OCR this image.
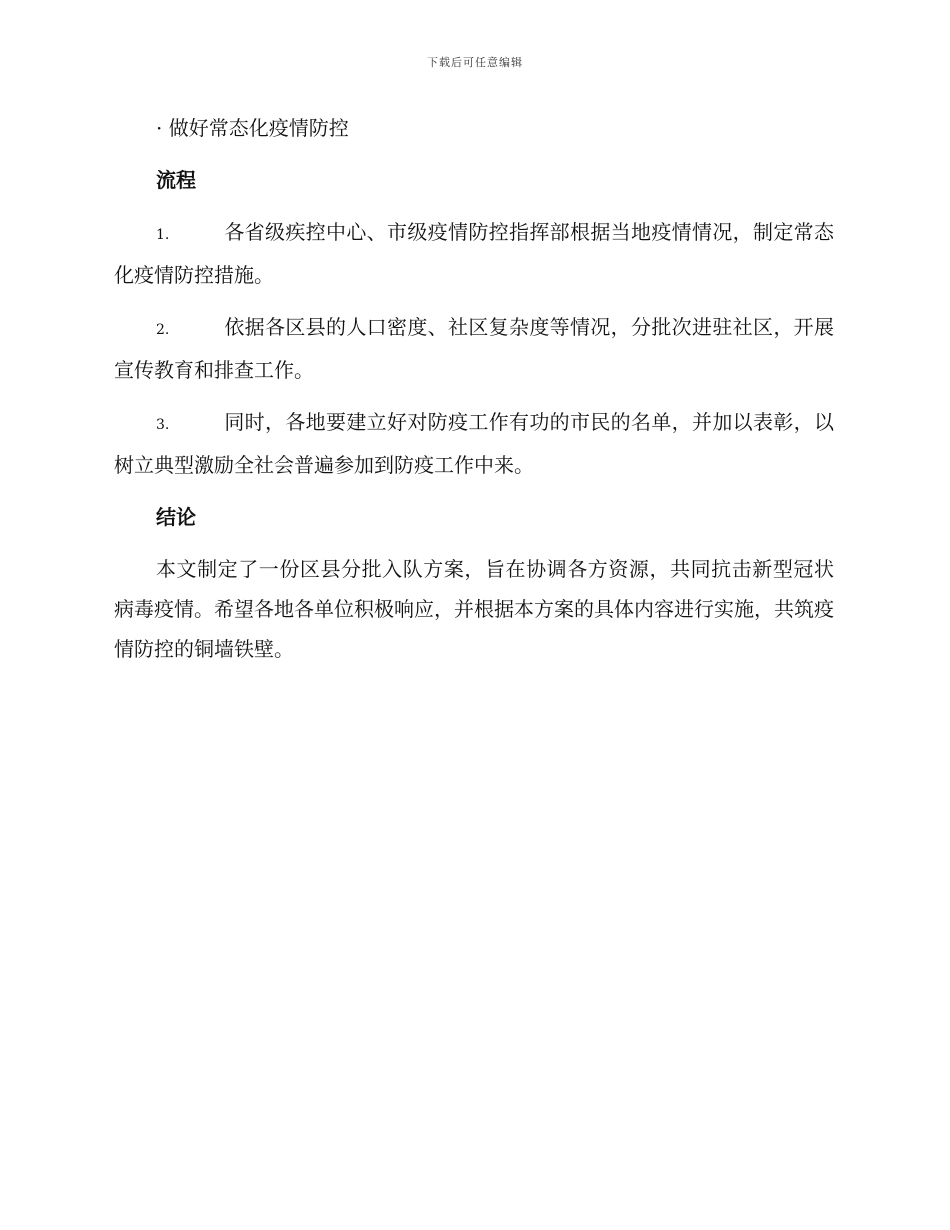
下载后可任意编辑

· 做好常态化疫情防控

流程

1.	各省级疾控中心、市级疫情防控指挥部根据当地疫情情况，制定常态化疫情防控措施。

2.	依据各区县的人口密度、社区复杂度等情况，分批次进驻社区，开展宣传教育和排查工作。

3.	同时，各地要建立好对防疫工作有功的市民的名单，并加以表彰，以树立典型激励全社会普遍参加到防疫工作中来。

结论

本文制定了一份区县分批入队方案，旨在协调各方资源，共同抗击新型冠状病毒疫情。希望各地各单位积极响应，并根据本方案的具体内容进行实施，共筑疫情防控的铜墙铁壁。
